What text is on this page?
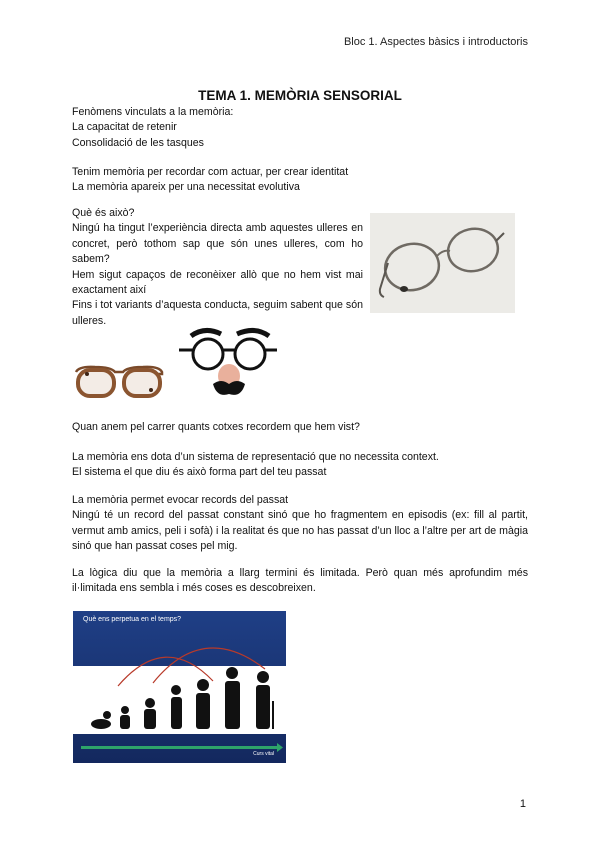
Bloc 1. Aspectes bàsics i introductoris
TEMA 1. MEMÒRIA SENSORIAL

Fenòmens vinculats a la memòria:

La capacitat de retenir

Consolidació de les tasques

Tenim memòria per recordar com actuar, per crear identitat

La memòria apareix per una necessitat evolutiva

Què és això?

Ningú ha tingut l’experiència directa amb aquestes ulleres en concret, però tothom sap que són unes ulleres, com ho sabem?

Hem sigut capaços de reconèixer allò que no hem vist mai exactament així

Fins i tot variants d’aquesta conducta, seguim sabent que són ulleres.

Quan anem pel carrer quants cotxes recordem que hem vist?

La memòria ens dota d’un sistema de representació que no necessita context.

El sistema el que diu és això forma part del teu passat

La memòria permet evocar records del passat

Ningú té un record del passat constant sinó que ho fragmentem en episodis (ex: fill al partit, vermut amb amics, peli i sofà) i la realitat és que no has passat d’un lloc a l’altre per art de màgia sinó que han passat coses pel mig.

La lògica diu que la memòria a llarg termini és limitada. Però quan més aprofundim més il·limitada ens sembla i més coses es descobreixen.

Què ens perpetua en el temps?
Curs vital
1
